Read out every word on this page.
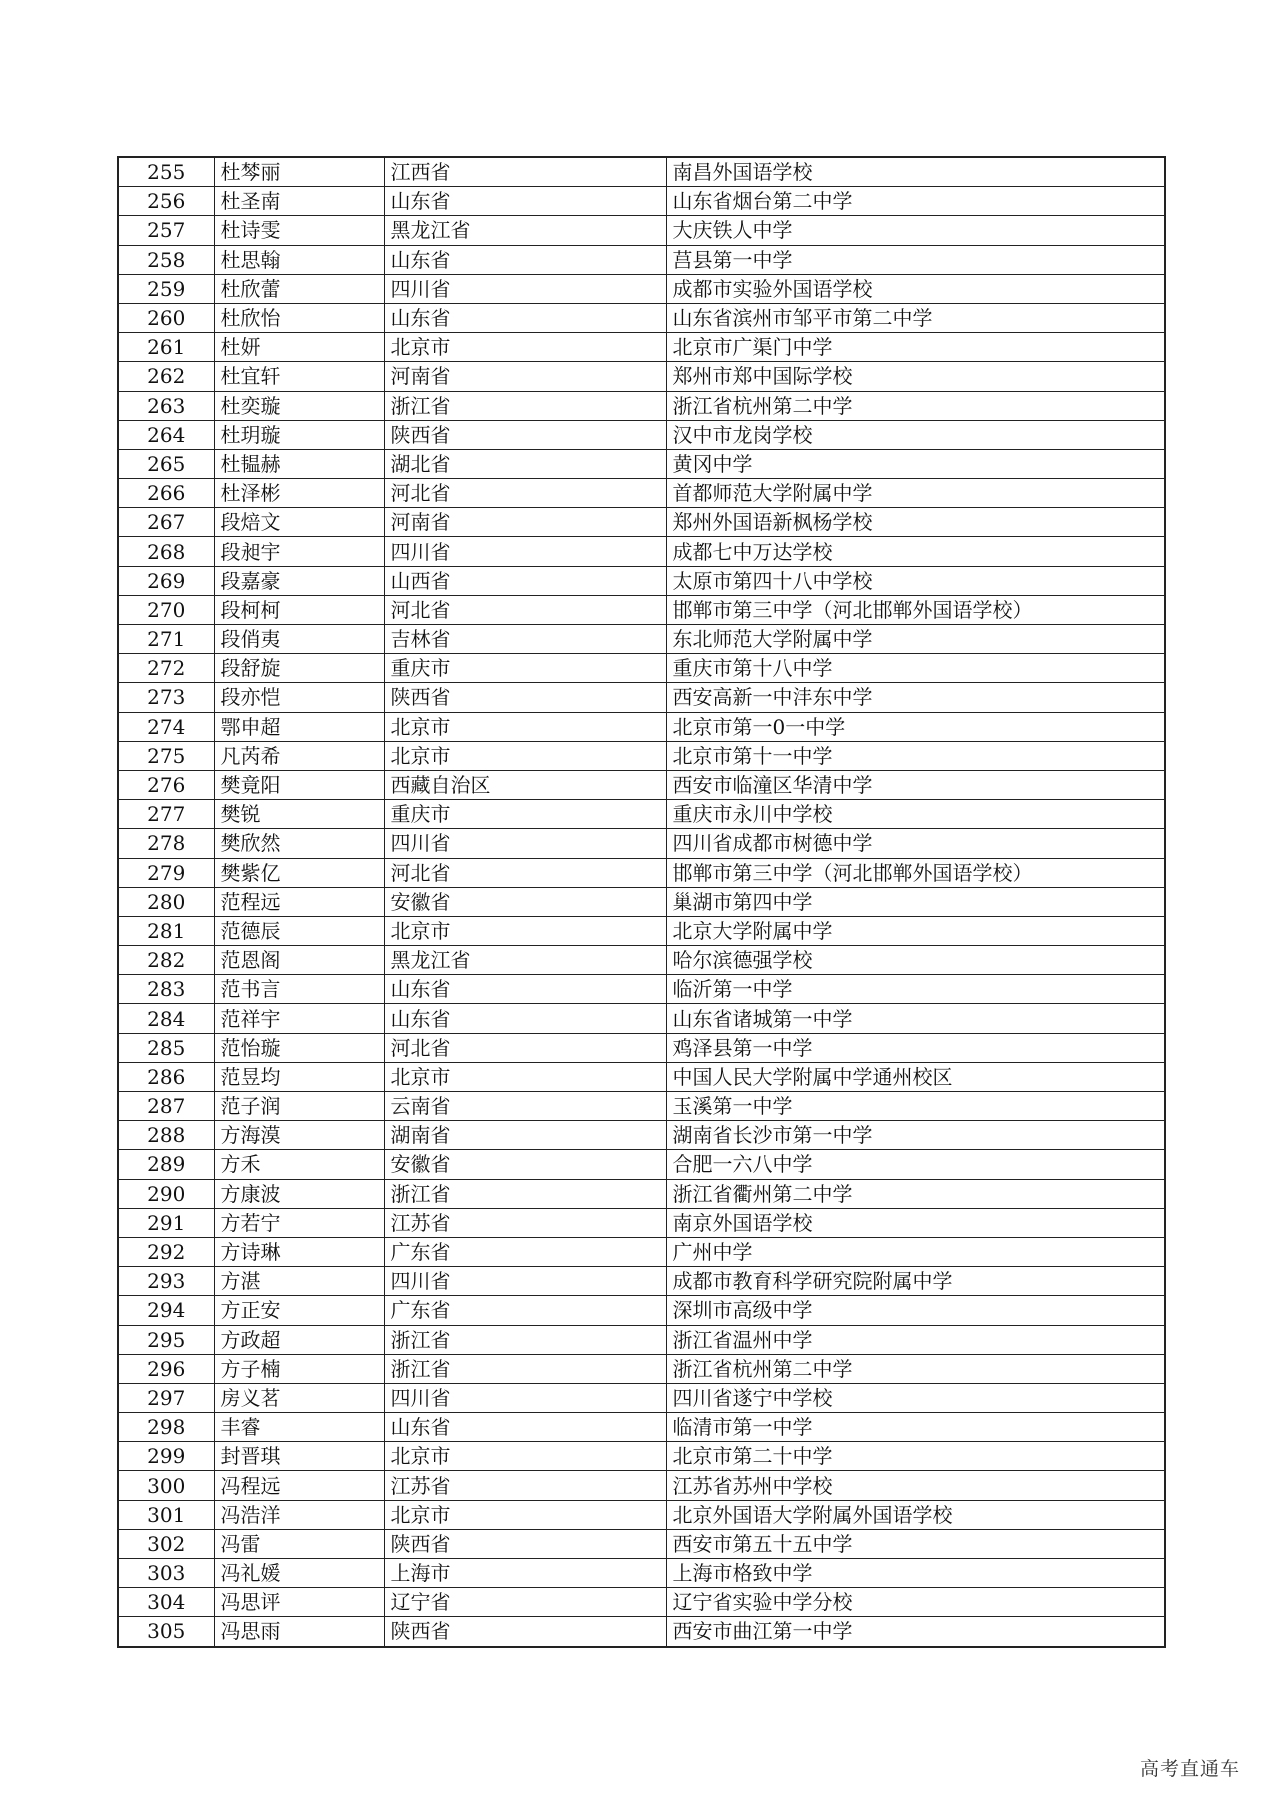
255	杜棽丽	江西省	南昌外国语学校
256	杜圣南	山东省	山东省烟台第二中学
257	杜诗雯	黑龙江省	大庆铁人中学
258	杜思翰	山东省	莒县第一中学
259	杜欣蕾	四川省	成都市实验外国语学校
260	杜欣怡	山东省	山东省滨州市邹平市第二中学
261	杜妍	北京市	北京市广渠门中学
262	杜宜轩	河南省	郑州市郑中国际学校
263	杜奕璇	浙江省	浙江省杭州第二中学
264	杜玥璇	陕西省	汉中市龙岗学校
265	杜韫赫	湖北省	黄冈中学
266	杜泽彬	河北省	首都师范大学附属中学
267	段焙文	河南省	郑州外国语新枫杨学校
268	段昶宇	四川省	成都七中万达学校
269	段嘉豪	山西省	太原市第四十八中学校
270	段柯柯	河北省	邯郸市第三中学（河北邯郸外国语学校）
271	段俏夷	吉林省	东北师范大学附属中学
272	段舒旋	重庆市	重庆市第十八中学
273	段亦恺	陕西省	西安高新一中沣东中学
274	鄂申超	北京市	北京市第一0一中学
275	凡芮希	北京市	北京市第十一中学
276	樊竟阳	西藏自治区	西安市临潼区华清中学
277	樊锐	重庆市	重庆市永川中学校
278	樊欣然	四川省	四川省成都市树德中学
279	樊紫亿	河北省	邯郸市第三中学（河北邯郸外国语学校）
280	范程远	安徽省	巢湖市第四中学
281	范德辰	北京市	北京大学附属中学
282	范恩阁	黑龙江省	哈尔滨德强学校
283	范书言	山东省	临沂第一中学
284	范祥宇	山东省	山东省诸城第一中学
285	范怡璇	河北省	鸡泽县第一中学
286	范昱均	北京市	中国人民大学附属中学通州校区
287	范子润	云南省	玉溪第一中学
288	方海漠	湖南省	湖南省长沙市第一中学
289	方禾	安徽省	合肥一六八中学
290	方康波	浙江省	浙江省衢州第二中学
291	方若宁	江苏省	南京外国语学校
292	方诗琳	广东省	广州中学
293	方湛	四川省	成都市教育科学研究院附属中学
294	方正安	广东省	深圳市高级中学
295	方政超	浙江省	浙江省温州中学
296	方子楠	浙江省	浙江省杭州第二中学
297	房义茗	四川省	四川省遂宁中学校
298	丰睿	山东省	临清市第一中学
299	封晋琪	北京市	北京市第二十中学
300	冯程远	江苏省	江苏省苏州中学校
301	冯浩洋	北京市	北京外国语大学附属外国语学校
302	冯雷	陕西省	西安市第五十五中学
303	冯礼媛	上海市	上海市格致中学
304	冯思评	辽宁省	辽宁省实验中学分校
305	冯思雨	陕西省	西安市曲江第一中学
高考直通车
